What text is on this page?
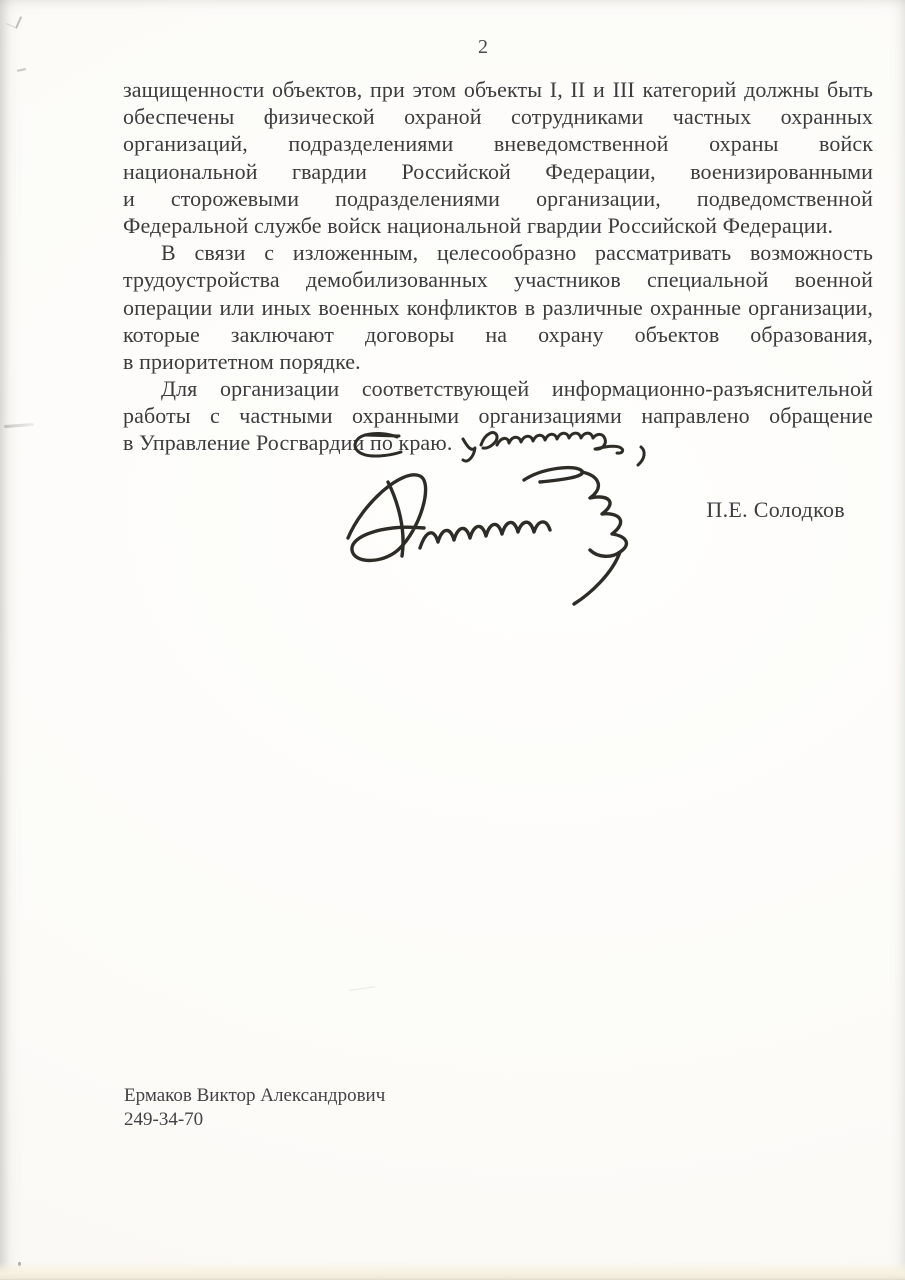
2
защищенности объектов, при этом объекты I, II и III категорий должны быть
обеспечены физической охраной сотрудниками частных охранных
организаций, подразделениями вневедомственной охраны войск
национальной гвардии Российской Федерации, военизированными
и сторожевыми подразделениями организации, подведомственной
Федеральной службе войск национальной гвардии Российской Федерации.
В связи с изложенным, целесообразно рассматривать возможность
трудоустройства демобилизованных участников специальной военной
операции или иных военных конфликтов в различные охранные организации,
которые заключают договоры на охрану объектов образования,
в приоритетном порядке.
Для организации соответствующей информационно-разъяснительной
работы с частными охранными организациями направлено обращение
в Управление Росгвардии по краю.
П.Е. Солодков
Ермаков Виктор Александрович
249-34-70
